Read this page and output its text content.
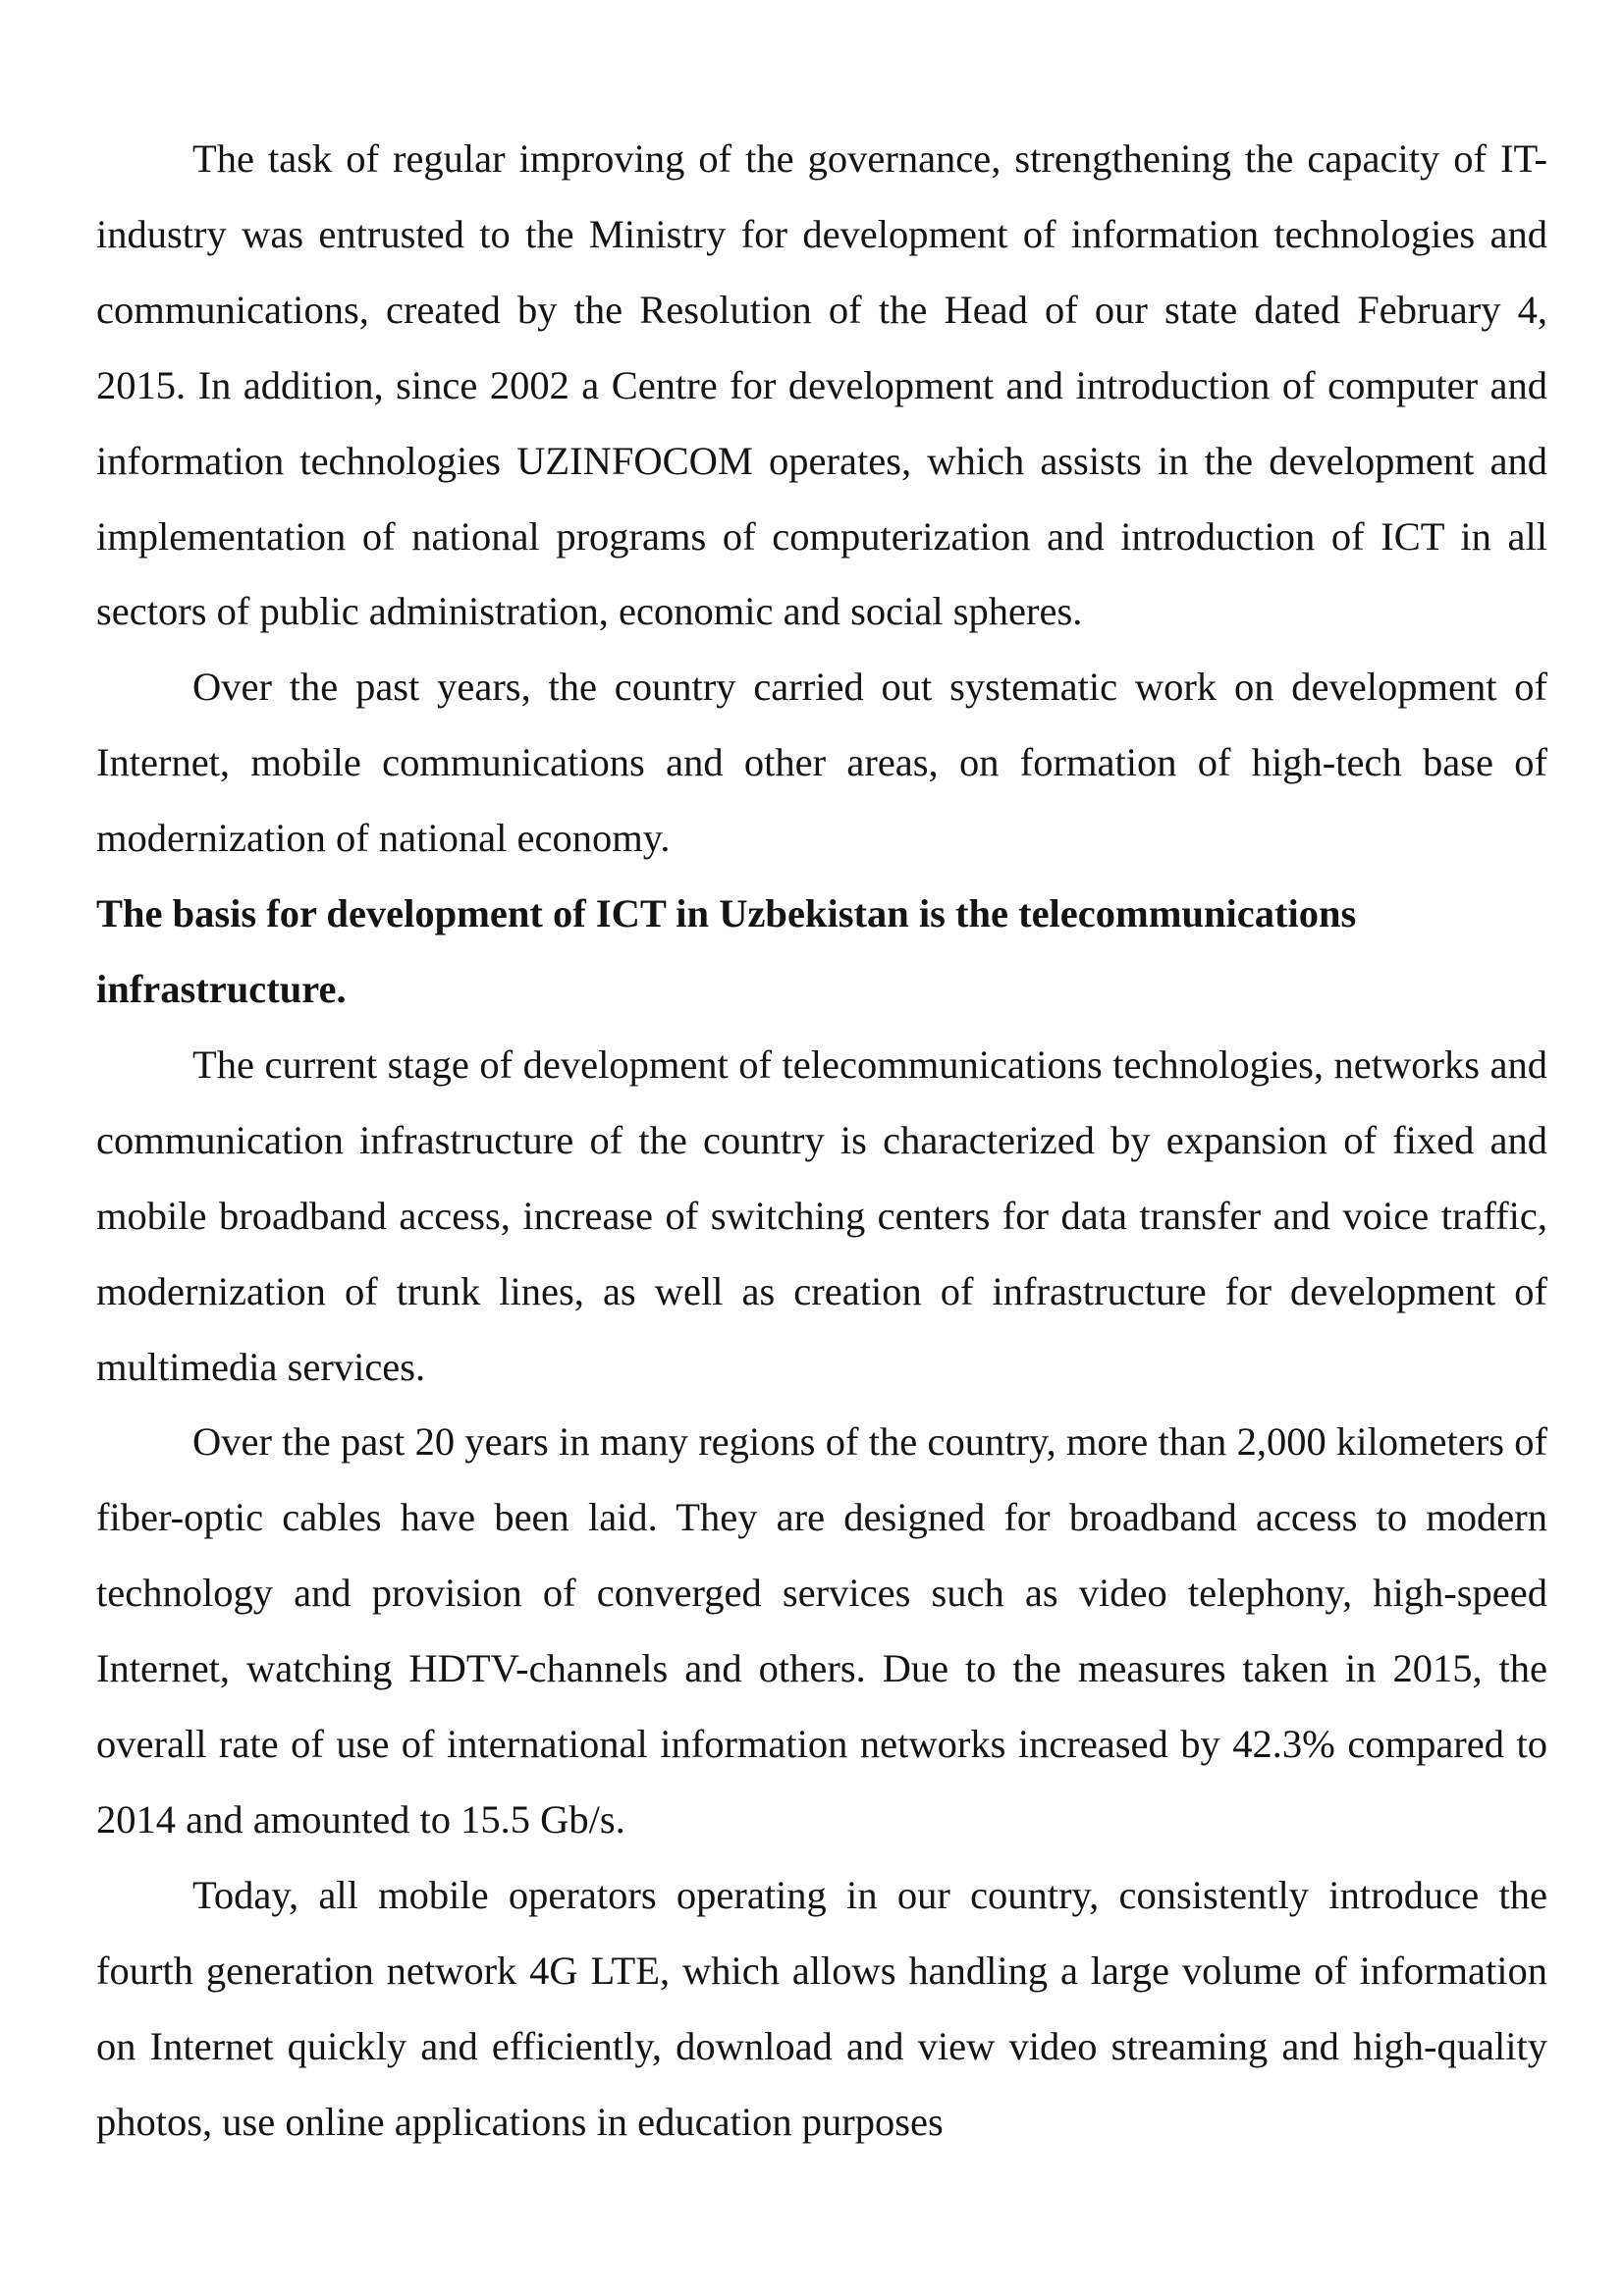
The task of regular improving of the governance, strengthening the capacity of IT-industry was entrusted to the Ministry for development of information technologies and communications, created by the Resolution of the Head of our state dated February 4, 2015. In addition, since 2002 a Centre for development and introduction of computer and information technologies UZINFOCOM operates, which assists in the development and implementation of national programs of computerization and introduction of ICT in all sectors of public administration, economic and social spheres.

Over the past years, the country carried out systematic work on development of Internet, mobile communications and other areas, on formation of high-tech base of modernization of national economy.

The basis for development of ICT in Uzbekistan is the telecommunications infrastructure.

The current stage of development of telecommunications technologies, networks and communication infrastructure of the country is characterized by expansion of fixed and mobile broadband access, increase of switching centers for data transfer and voice traffic, modernization of trunk lines, as well as creation of infrastructure for development of multimedia services.

Over the past 20 years in many regions of the country, more than 2,000 kilometers of fiber-optic cables have been laid. They are designed for broadband access to modern technology and provision of converged services such as video telephony, high-speed Internet, watching HDTV-channels and others. Due to the measures taken in 2015, the overall rate of use of international information networks increased by 42.3% compared to 2014 and amounted to 15.5 Gb/s.

Today, all mobile operators operating in our country, consistently introduce the fourth generation network 4G LTE, which allows handling a large volume of information on Internet quickly and efficiently, download and view video streaming and high-quality photos, use online applications in education purposes
